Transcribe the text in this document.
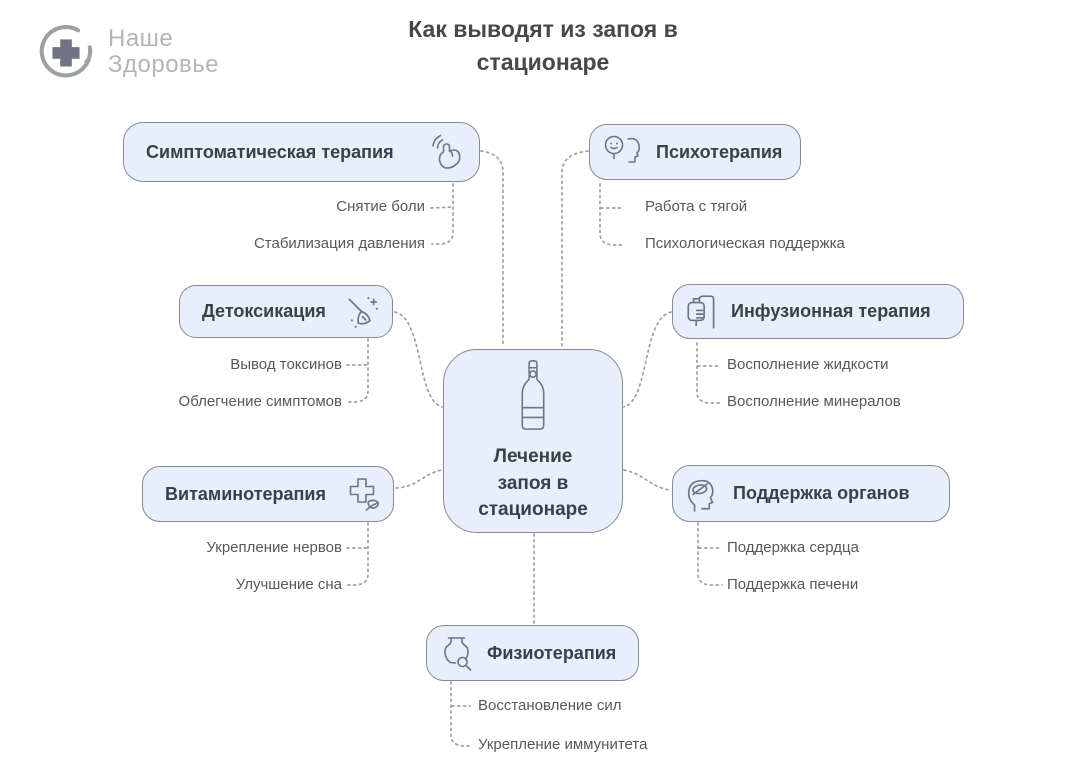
Наше
Здоровье
Как выводят из запоя в стационаре
Симптоматическая терапия
Снятие боли
Стабилизация давления
Психотерапия
Работа с тягой
Психологическая поддержка
Детоксикация
Вывод токсинов
Облегчение симптомов
Инфузионная терапия
Восполнение жидкости
Восполнение минералов
Лечение запоя в стационаре
Витаминотерапия
Укрепление нервов
Улучшение сна
Поддержка органов
Поддержка сердца
Поддержка печени
Физиотерапия
Восстановление сил
Укрепление иммунитета
